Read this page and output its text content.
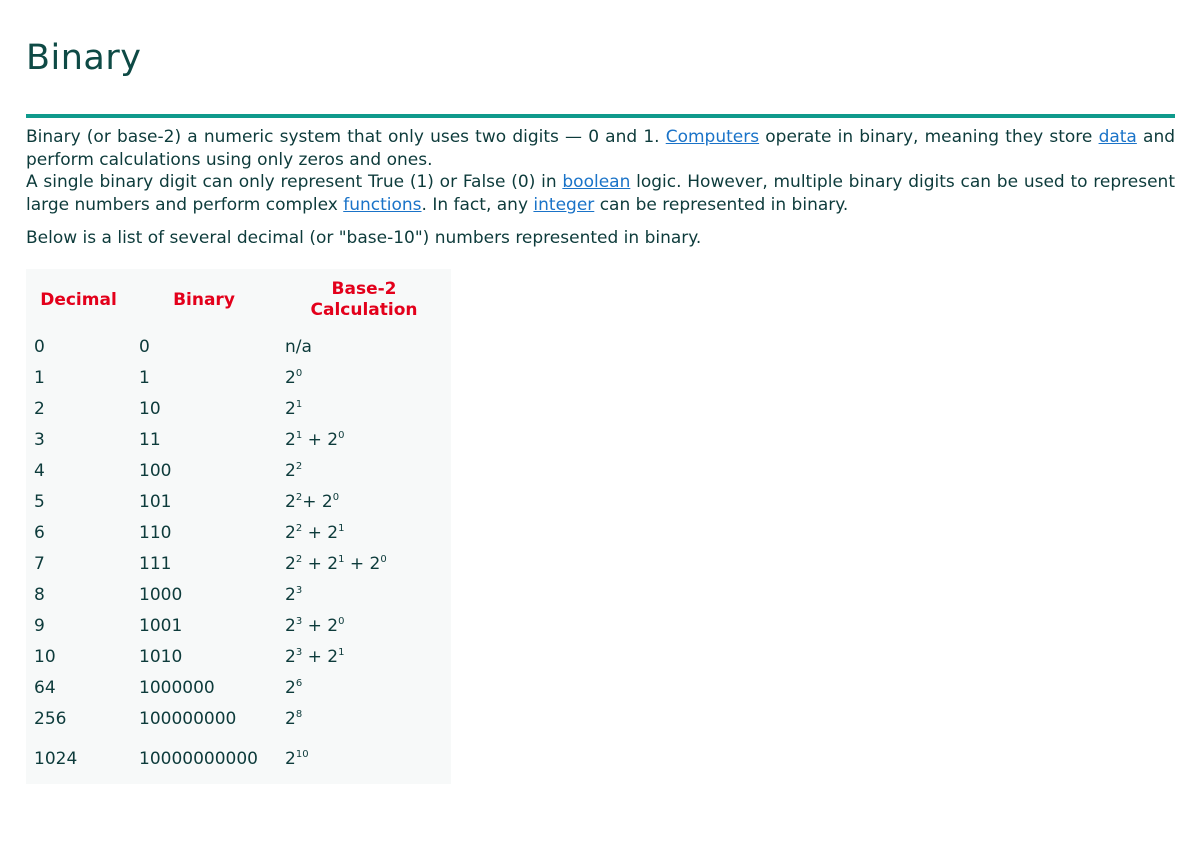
Binary

Binary (or base-2) a numeric system that only uses two digits — 0 and 1. Computers operate in binary, meaning they store data and perform calculations using only zeros and ones.

A single binary digit can only represent True (1) or False (0) in boolean logic. However, multiple binary digits can be used to represent large numbers and perform complex functions. In fact, any integer can be represented in binary.

Below is a list of several decimal (or "base-10") numbers represented in binary.

Decimal	Binary	Base-2 Calculation
0	0	n/a
1	1	$2^0$
2	10	$2^1$
3	11	$2^1 + 2^0$
4	100	$2^2$
5	101	$2^2+ 2^0$
6	110	$2^2 + 2^1$
7	111	$2^2 + 2^1 + 2^0$
8	1000	$2^3$
9	1001	$2^3 + 2^0$
10	1010	$2^3 + 2^1$
64	1000000	$2^6$
256	100000000	$2^8$
1024	10000000000	$2^{10}$
